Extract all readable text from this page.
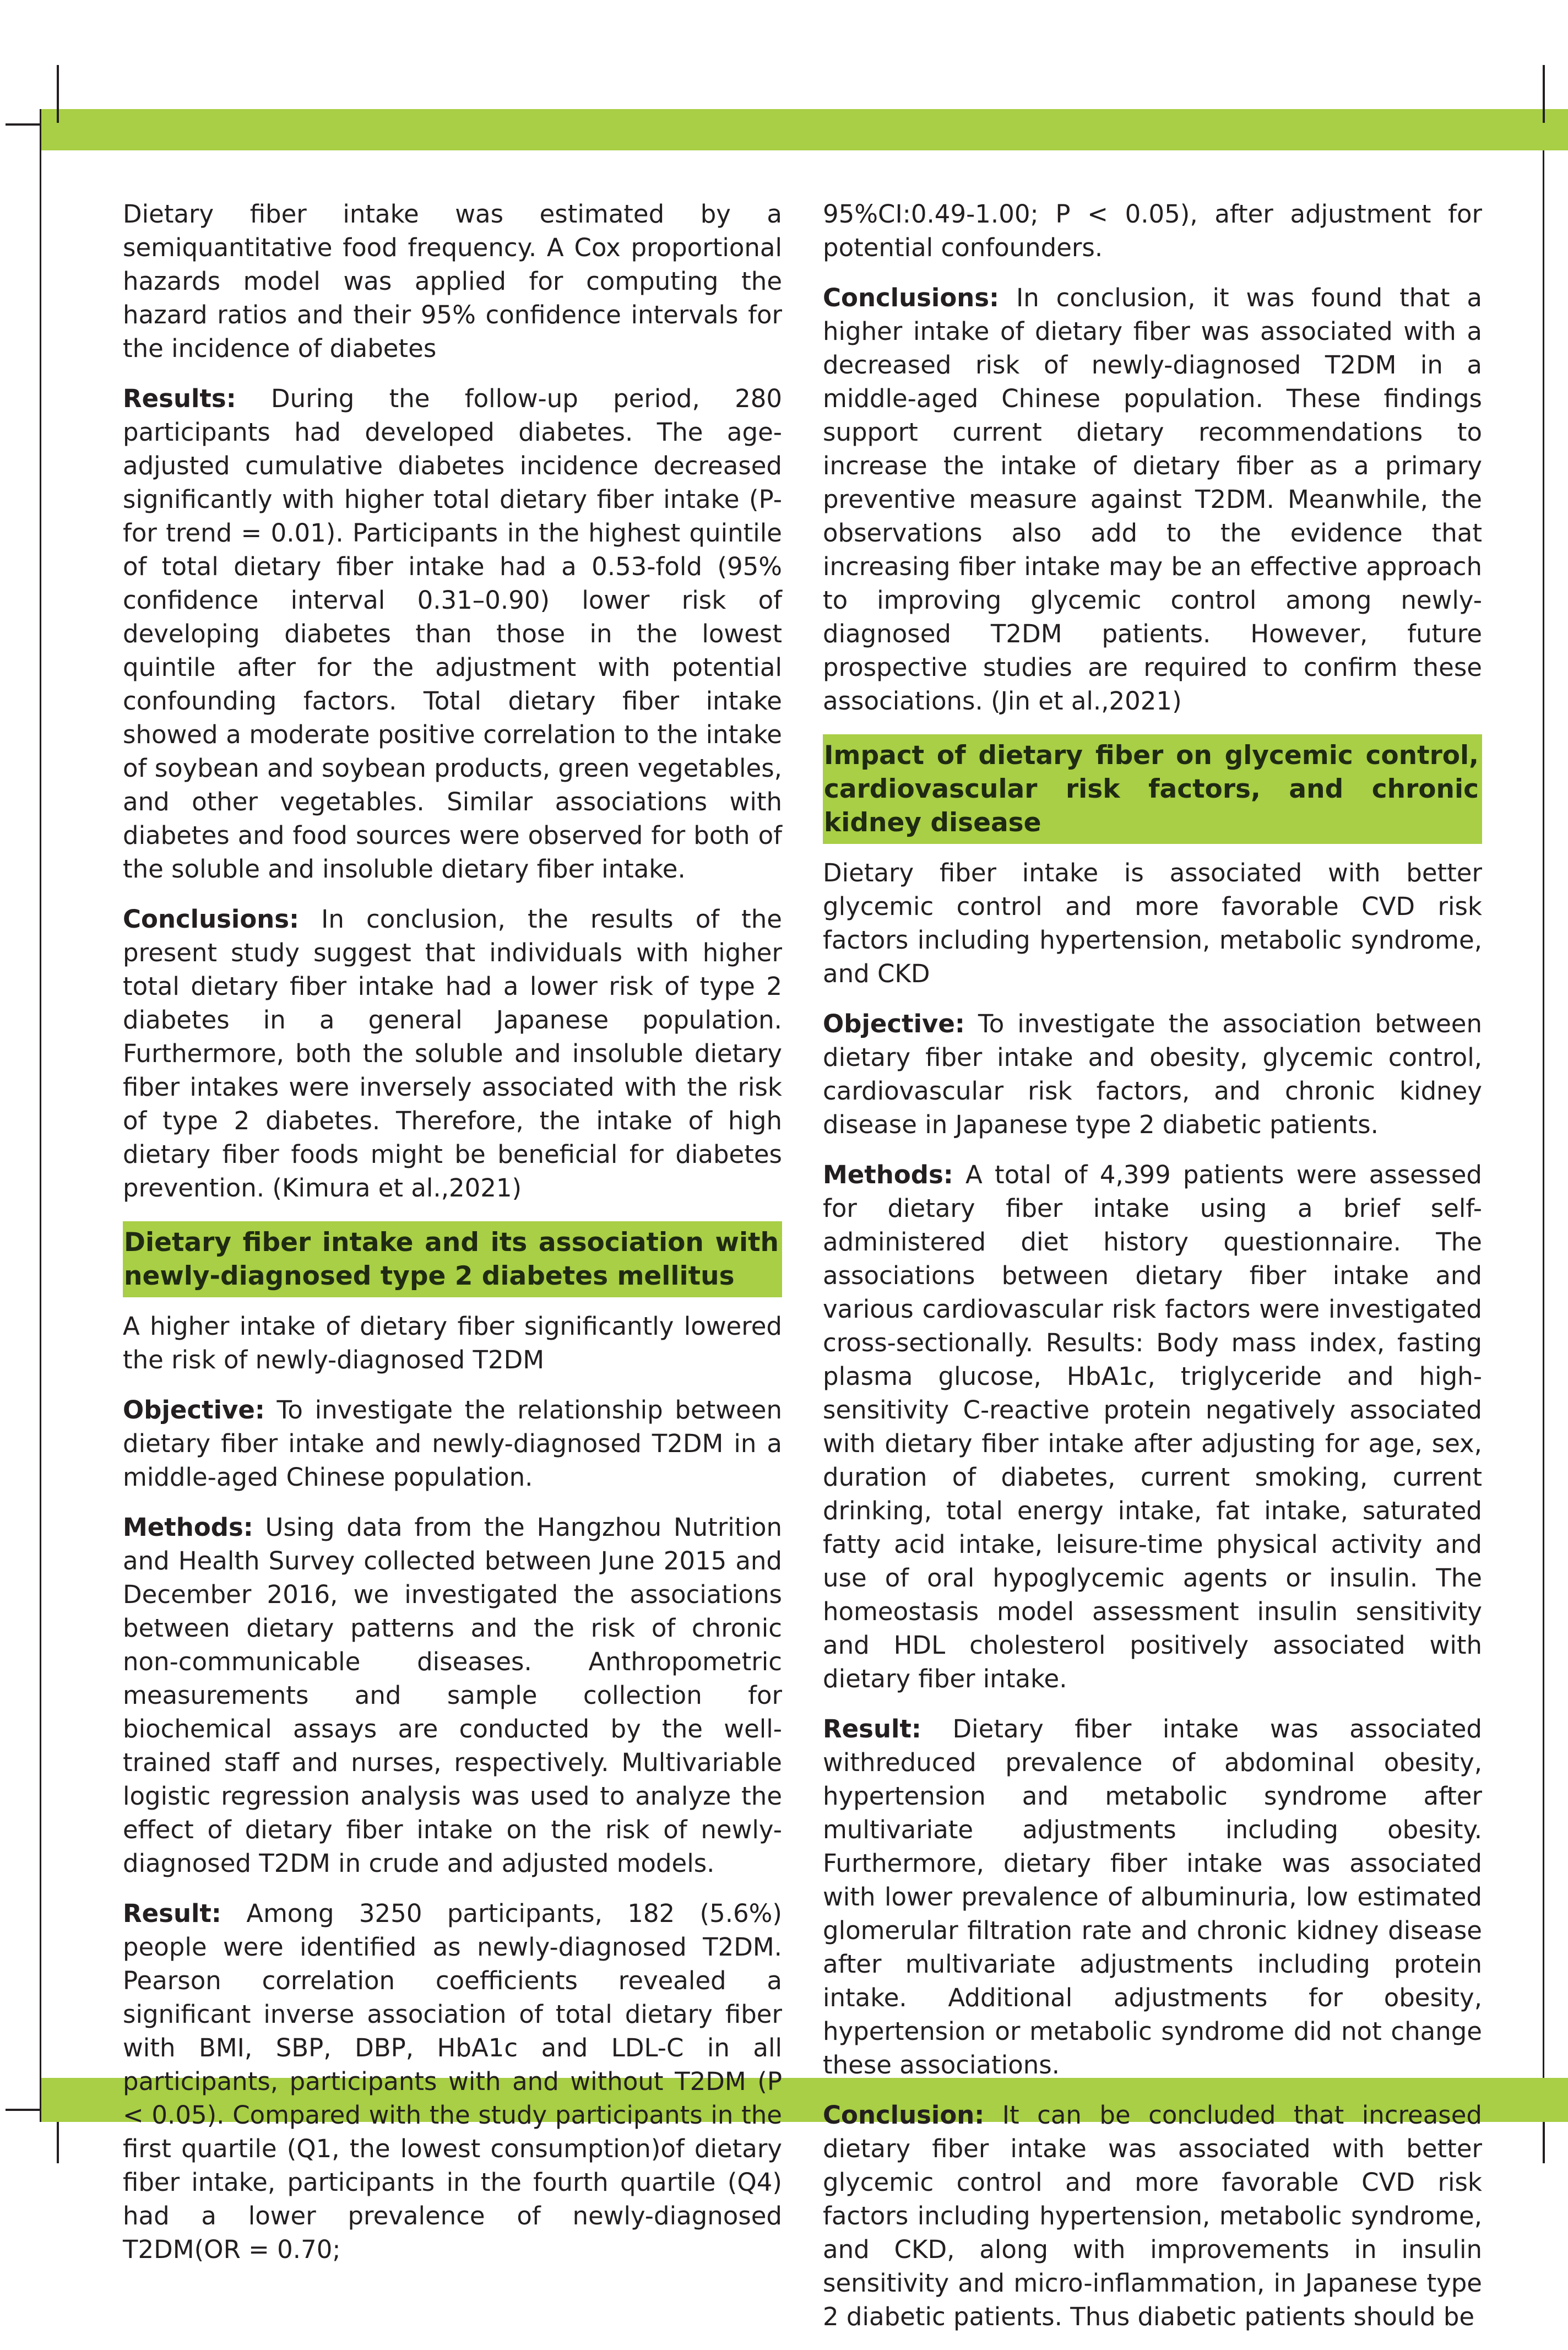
Dietary fiber intake was estimated by a semiquantitative food frequency. A Cox proportional hazards model was applied for computing the hazard ratios and their 95% confidence intervals for the incidence of diabetes

Results: During the follow-up period, 280 participants had developed diabetes. The age-adjusted cumulative diabetes incidence decreased significantly with higher total dietary fiber intake (P-for trend = 0.01). Participants in the highest quintile of total dietary fiber intake had a 0.53-fold (95% confidence interval 0.31–0.90) lower risk of developing diabetes than those in the lowest quintile after for the adjustment with potential confounding factors. Total dietary fiber intake showed a moderate positive correlation to the intake of soybean and soybean products, green vegetables, and other vegetables. Similar associations with diabetes and food sources were observed for both of the soluble and insoluble dietary fiber intake.

Conclusions: In conclusion, the results of the present study suggest that individuals with higher total dietary fiber intake had a lower risk of type 2 diabetes in a general Japanese population. Furthermore, both the soluble and insoluble dietary fiber intakes were inversely associated with the risk of type 2 diabetes. Therefore, the intake of high dietary fiber foods might be beneficial for diabetes prevention. (Kimura et al.,2021)

Dietary fiber intake and its association with newly-diagnosed type 2 diabetes mellitus

A higher intake of dietary fiber significantly lowered the risk of newly-diagnosed T2DM

Objective: To investigate the relationship between dietary fiber intake and newly-diagnosed T2DM in a middle-aged Chinese population.

Methods: Using data from the Hangzhou Nutrition and Health Survey collected between June 2015 and December 2016, we investigated the associations between dietary patterns and the risk of chronic non-communicable diseases. Anthropometric measurements and sample collection for biochemical assays are conducted by the well-trained staff and nurses, respectively. Multivariable logistic regression analysis was used to analyze the effect of dietary fiber intake on the risk of newly-diagnosed T2DM in crude and adjusted models.

Result: Among 3250 participants, 182 (5.6%) people were identified as newly-diagnosed T2DM. Pearson correlation coefficients revealed a significant inverse association of total dietary fiber with BMI, SBP, DBP, HbA1c and LDL-C in all participants, participants with and without T2DM (P < 0.05). Compared with the study participants in the first quartile (Q1, the lowest consumption)of dietary fiber intake, participants in the fourth quartile (Q4) had a lower prevalence of newly-diagnosed T2DM(OR = 0.70;

95%CI:0.49-1.00; P < 0.05), after adjustment for potential confounders.

Conclusions: In conclusion, it was found that a higher intake of dietary fiber was associated with a decreased risk of newly-diagnosed T2DM in a middle-aged Chinese population. These findings support current dietary recommendations to increase the intake of dietary fiber as a primary preventive measure against T2DM. Meanwhile, the observations also add to the evidence that increasing fiber intake may be an effective approach to improving glycemic control among newly-diagnosed T2DM patients. However, future prospective studies are required to confirm these associations. (Jin et al.,2021)

Impact of dietary fiber on glycemic control, cardiovascular risk factors, and chronic kidney disease

Dietary fiber intake is associated with better glycemic control and more favorable CVD risk factors including hypertension, metabolic syndrome, and CKD

Objective: To investigate the association between dietary fiber intake and obesity, glycemic control, cardiovascular risk factors, and chronic kidney disease in Japanese type 2 diabetic patients.

Methods: A total of 4,399 patients were assessed for dietary fiber intake using a brief self-administered diet history questionnaire. The associations between dietary fiber intake and various cardiovascular risk factors were investigated cross-sectionally. Results: Body mass index, fasting plasma glucose, HbA1c, triglyceride and high-sensitivity C-reactive protein negatively associated with dietary fiber intake after adjusting for age, sex, duration of diabetes, current smoking, current drinking, total energy intake, fat intake, saturated fatty acid intake, leisure-time physical activity and use of oral hypoglycemic agents or insulin. The homeostasis model assessment insulin sensitivity and HDL cholesterol positively associated with dietary fiber intake.

Result: Dietary fiber intake was associated withreduced prevalence of abdominal obesity, hypertension and metabolic syndrome after multivariate adjustments including obesity. Furthermore, dietary fiber intake was associated with lower prevalence of albuminuria, low estimated glomerular filtration rate and chronic kidney disease after multivariate adjustments including protein intake. Additional adjustments for obesity, hypertension or metabolic syndrome did not change these associations.

Conclusion: It can be concluded that increased dietary fiber intake was associated with better glycemic control and more favorable CVD risk factors including hypertension, metabolic syndrome, and CKD, along with improvements in insulin sensitivity and micro-inflammation, in Japanese type 2 diabetic patients. Thus diabetic patients should be
